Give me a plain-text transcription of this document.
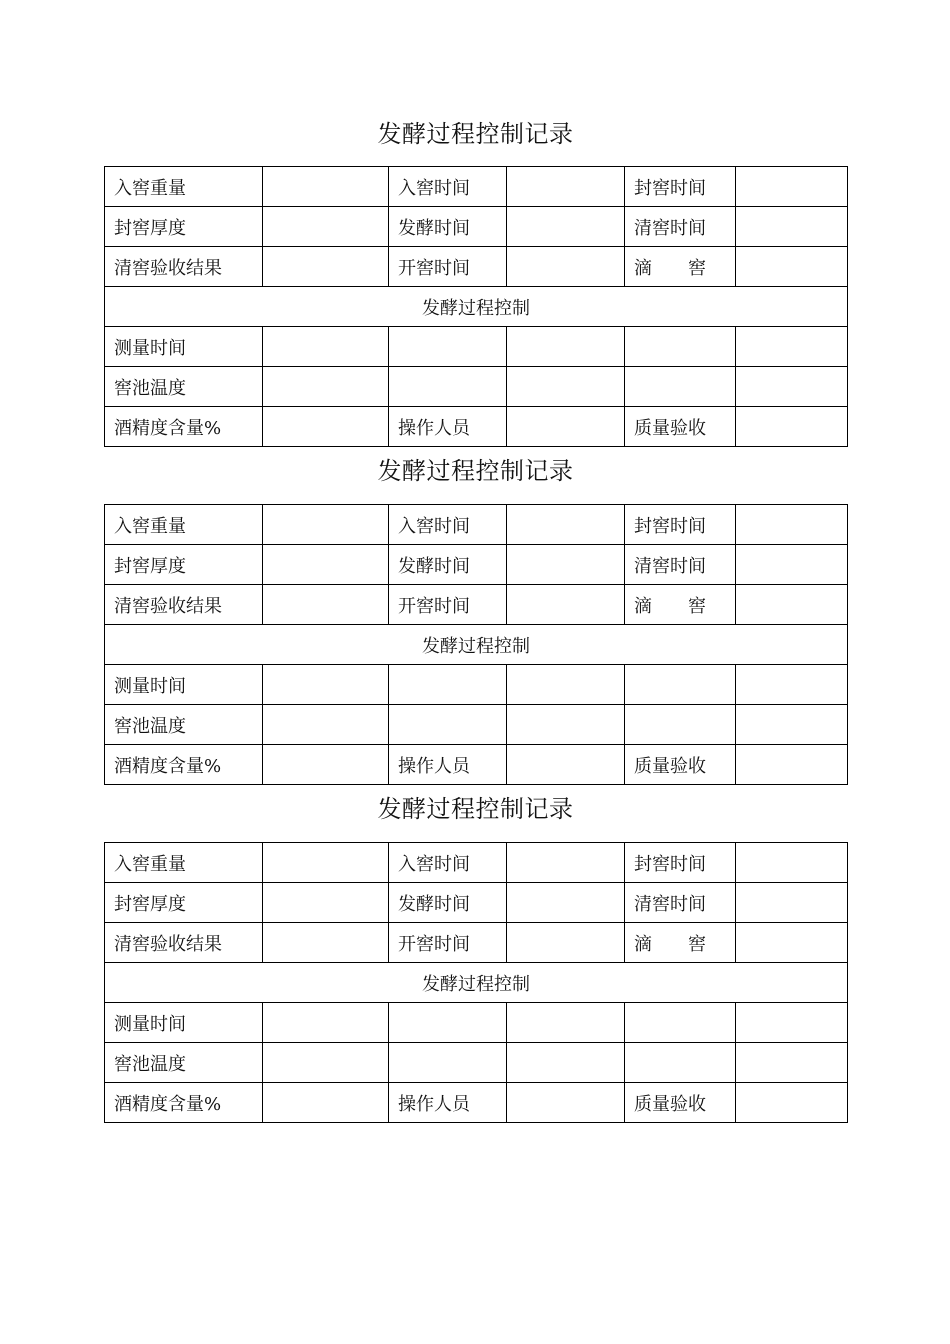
发酵过程控制记录
入窖重量		入窖时间		封窖时间	
封窖厚度		发酵时间		清窖时间	
清窖验收结果		开窖时间		滴　　窖	
发酵过程控制					
测量时间					
窖池温度					
酒精度含量%		操作人员		质量验收	
发酵过程控制记录
入窖重量		入窖时间		封窖时间	
封窖厚度		发酵时间		清窖时间	
清窖验收结果		开窖时间		滴　　窖	
发酵过程控制					
测量时间					
窖池温度					
酒精度含量%		操作人员		质量验收	
发酵过程控制记录
入窖重量		入窖时间		封窖时间	
封窖厚度		发酵时间		清窖时间	
清窖验收结果		开窖时间		滴　　窖	
发酵过程控制					
测量时间					
窖池温度					
酒精度含量%		操作人员		质量验收	
